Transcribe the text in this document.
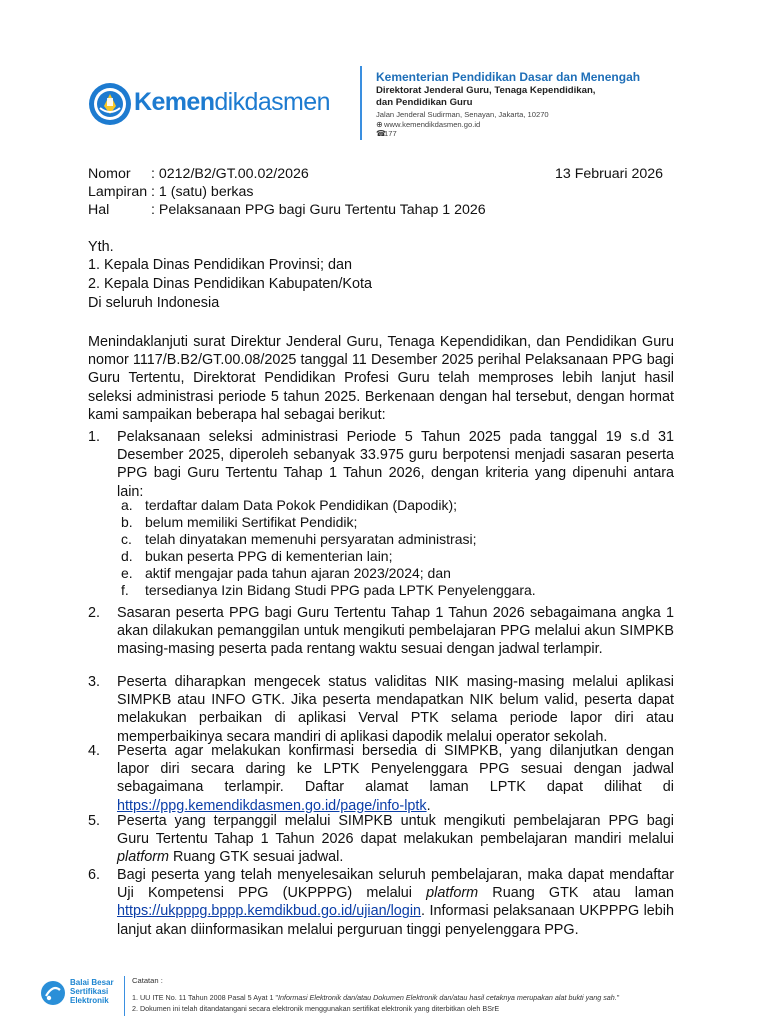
Kemendikdasmen
Kementerian Pendidikan Dasar dan Menengah
Direktorat Jenderal Guru, Tenaga Kependidikan,
dan Pendidikan Guru
Jalan Jenderal Sudirman, Senayan, Jakarta, 10270
⊕www.kemendikdasmen.go.id
☎177
Nomor : 0212/B2/GT.00.02/2026	13 Februari 2026
Lampiran : 1 (satu) berkas
Hal	: Pelaksanaan PPG bagi Guru Tertentu Tahap 1 2026
Yth.
1. Kepala Dinas Pendidikan Provinsi; dan
2. Kepala Dinas Pendidikan Kabupaten/Kota
Di seluruh Indonesia
Menindaklanjuti surat Direktur Jenderal Guru, Tenaga Kependidikan, dan Pendidikan Guru nomor 1117/B.B2/GT.00.08/2025 tanggal 11 Desember 2025 perihal Pelaksanaan PPG bagi Guru Tertentu, Direktorat Pendidikan Profesi Guru telah memproses lebih lanjut hasil seleksi administrasi periode 5 tahun 2025. Berkenaan dengan hal tersebut, dengan hormat kami sampaikan beberapa hal sebagai berikut:
1.	Pelaksanaan seleksi administrasi Periode 5 Tahun 2025 pada tanggal 19 s.d 31 Desember 2025, diperoleh sebanyak 33.975 guru berpotensi menjadi sasaran peserta PPG bagi Guru Tertentu Tahap 1 Tahun 2026, dengan kriteria yang dipenuhi antara lain:
a. terdaftar dalam Data Pokok Pendidikan (Dapodik);
b. belum memiliki Sertifikat Pendidik;
c. telah dinyatakan memenuhi persyaratan administrasi;
d. bukan peserta PPG di kementerian lain;
e. aktif mengajar pada tahun ajaran 2023/2024; dan
f.	tersedianya Izin Bidang Studi PPG pada LPTK Penyelenggara.
2.	Sasaran peserta PPG bagi Guru Tertentu Tahap 1 Tahun 2026 sebagaimana angka 1 akan dilakukan pemanggilan untuk mengikuti pembelajaran PPG melalui akun SIMPKB masing-masing peserta pada rentang waktu sesuai dengan jadwal terlampir.
3.	Peserta diharapkan mengecek status validitas NIK masing-masing melalui aplikasi SIMPKB atau INFO GTK. Jika peserta mendapatkan NIK belum valid, peserta dapat melakukan perbaikan di aplikasi Verval PTK selama periode lapor diri atau memperbaikinya secara mandiri di aplikasi dapodik melalui operator sekolah.
4.	Peserta agar melakukan konfirmasi bersedia di SIMPKB, yang dilanjutkan dengan lapor diri secara daring ke LPTK Penyelenggara PPG sesuai dengan jadwal sebagaimana terlampir. Daftar alamat laman LPTK dapat dilihat di https://ppg.kemendikdasmen.go.id/page/info-lptk.
5.	Peserta yang terpanggil melalui SIMPKB untuk mengikuti pembelajaran PPG bagi Guru Tertentu Tahap 1 Tahun 2026 dapat melakukan pembelajaran mandiri melalui platform Ruang GTK sesuai jadwal.
6.	Bagi peserta yang telah menyelesaikan seluruh pembelajaran, maka dapat mendaftar Uji Kompetensi PPG (UKPPPG) melalui platform Ruang GTK atau laman https://ukpppg.bppp.kemdikbud.go.id/ujian/login. Informasi pelaksanaan UKPPPG lebih lanjut akan diinformasikan melalui perguruan tinggi penyelenggara PPG.
Balai Besar
Sertifikasi
Elektronik
Catatan :
1. UU ITE No. 11 Tahun 2008 Pasal 5 Ayat 1 "Informasi Elektronik dan/atau Dokumen Elektronik dan/atau hasil cetaknya merupakan alat bukti yang sah."
2. Dokumen ini telah ditandatangani secara elektronik menggunakan sertifikat elektronik yang diterbitkan oleh BSrE
